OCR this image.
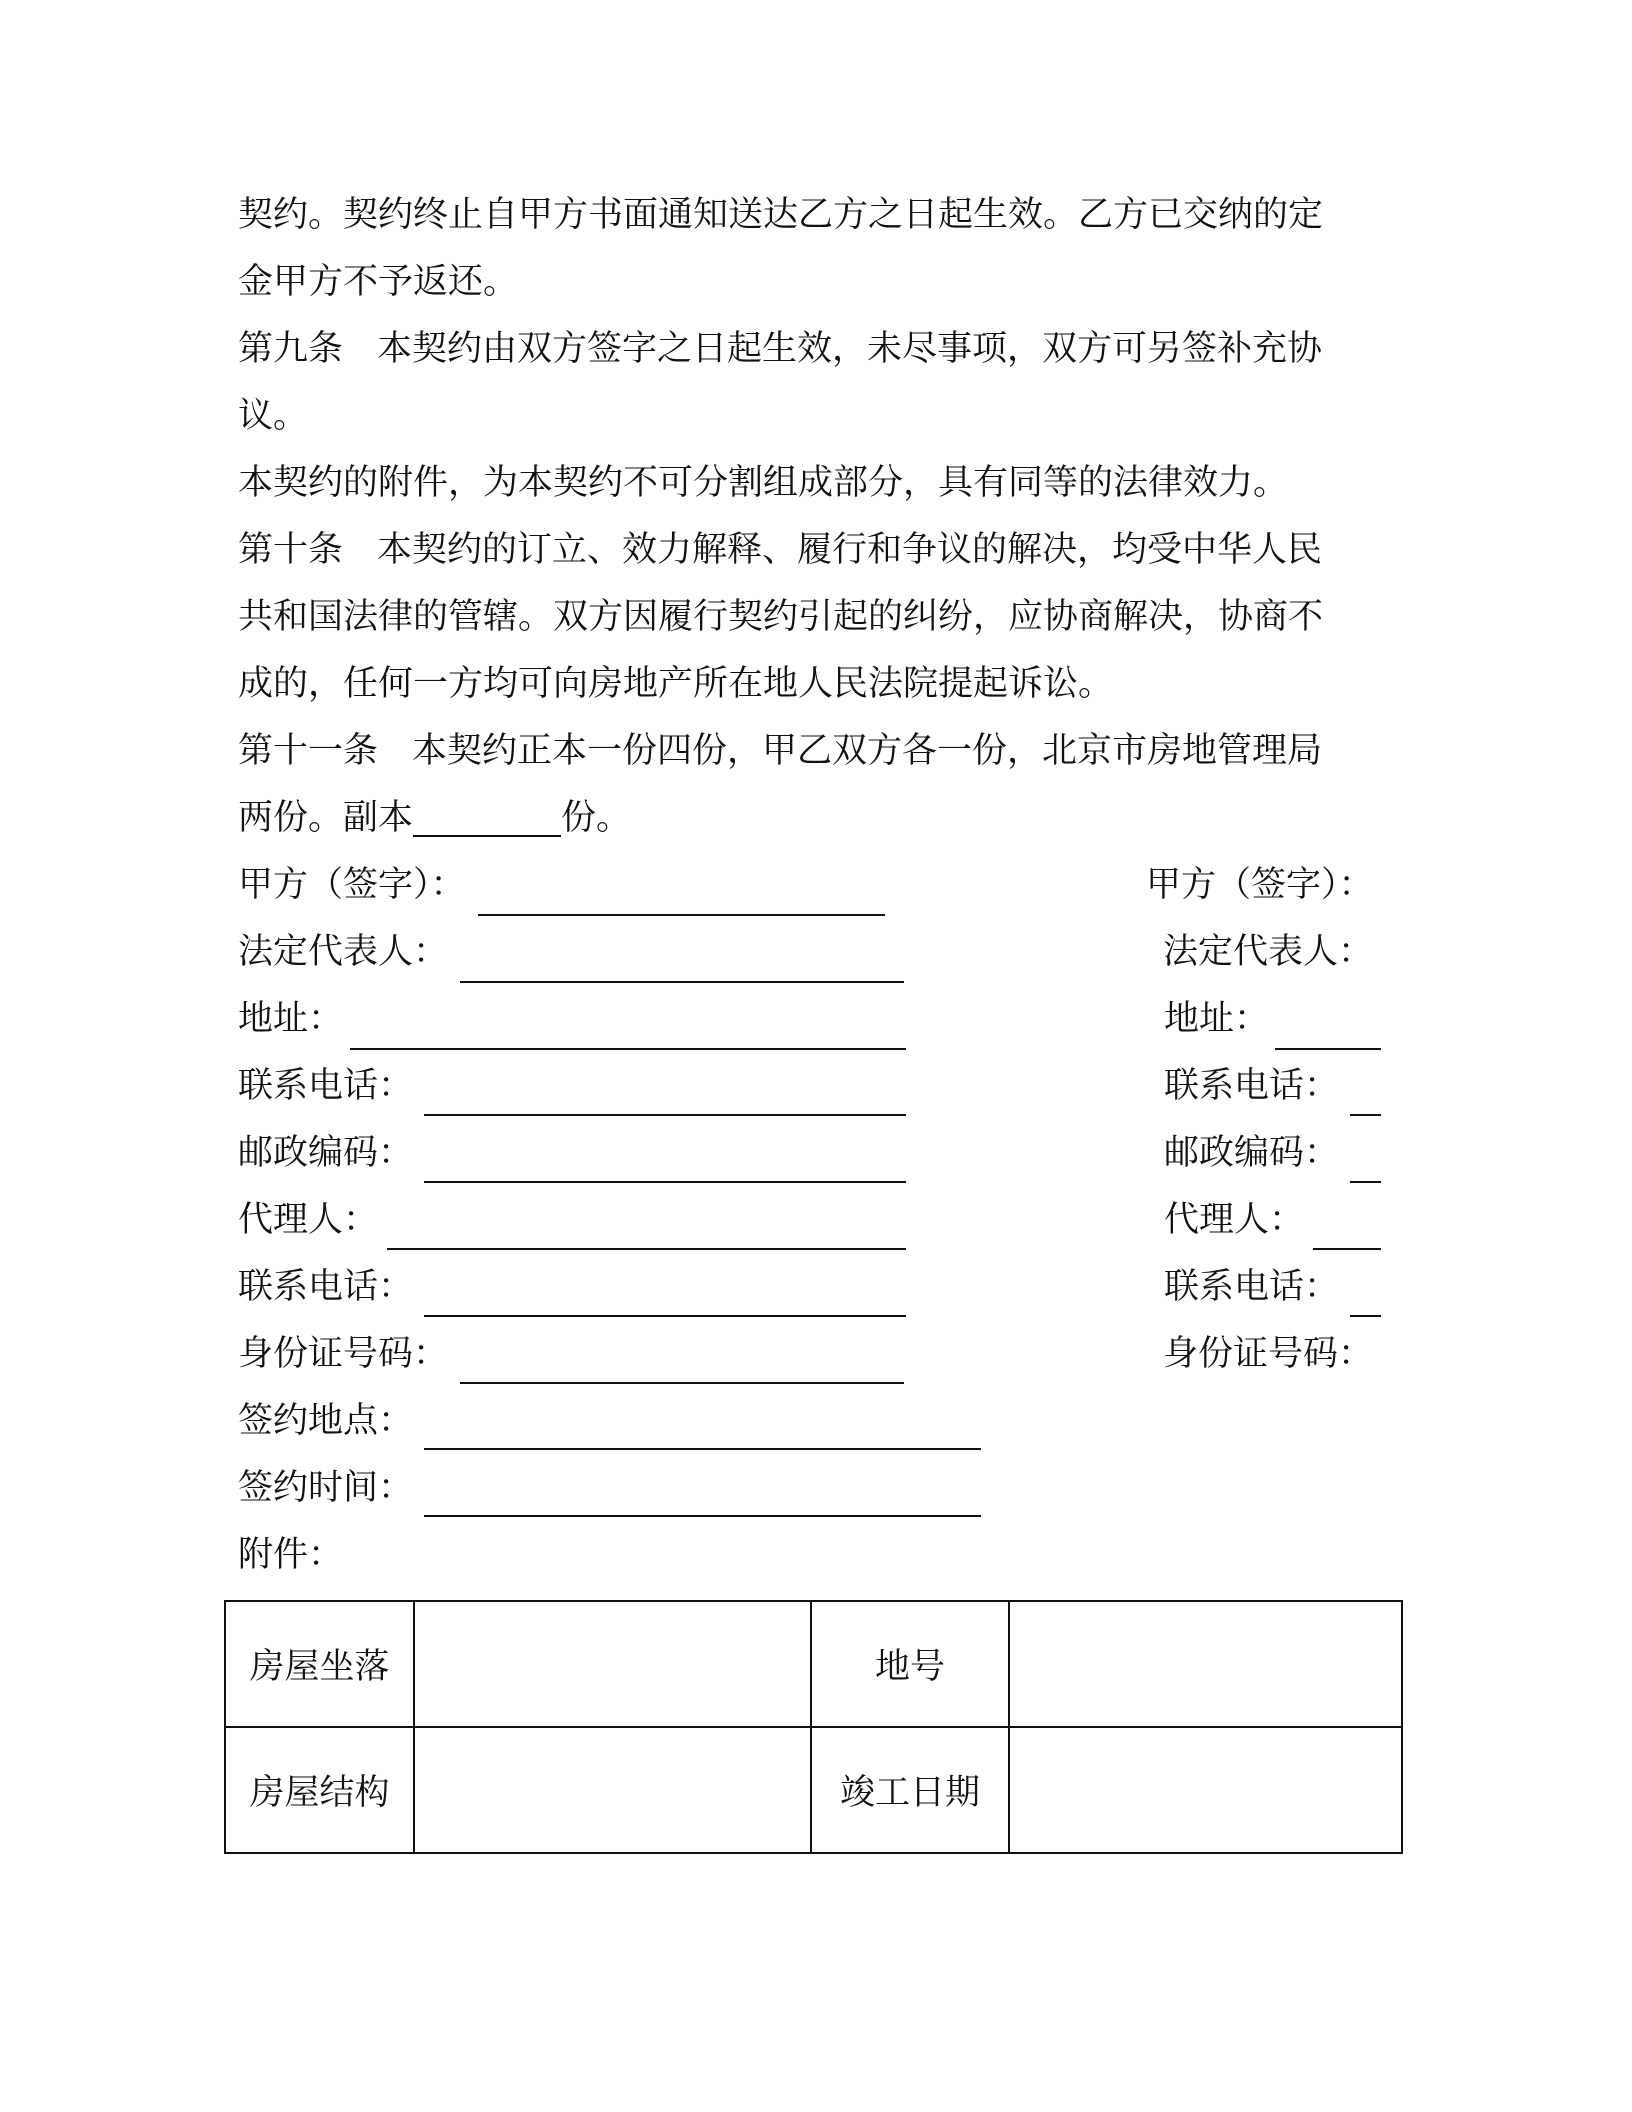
契约。契约终止自甲方书面通知送达乙方之日起生效。乙方已交纳的定
金甲方不予返还。
第九条 本契约由双方签字之日起生效，未尽事项，双方可另签补充协
议。
本契约的附件，为本契约不可分割组成部分，具有同等的法律效力。
第十条 本契约的订立、效力解释、履行和争议的解决，均受中华人民
共和国法律的管辖。双方因履行契约引起的纠纷，应协商解决，协商不
成的，任何一方均可向房地产所在地人民法院提起诉讼。
第十一条 本契约正本一份四份，甲乙双方各一份，北京市房地管理局
两份。副本	份。
甲方（签字）：
法定代表人：
地址：
联系电话：
邮政编码：
代理人：
联系电话：
身份证号码：
签约地点：
签约时间：
甲方（签字）：
法定代表人：
地址：
联系电话：
邮政编码：
代理人：
联系电话：
身份证号码：
附件：
房屋坐落		地号	
房屋结构		竣工日期	
